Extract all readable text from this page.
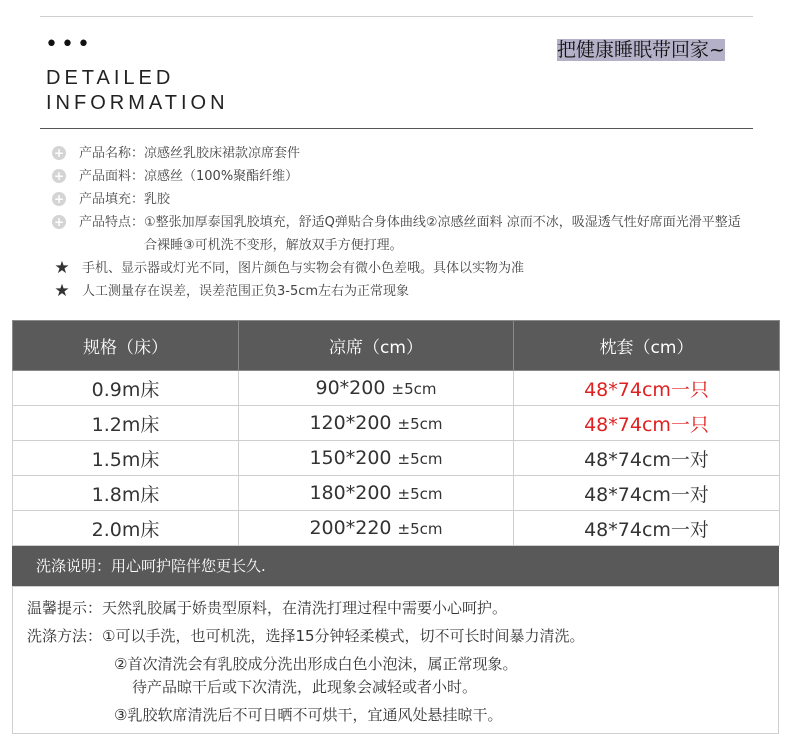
•••
DETAILED
INFORMATION
把健康睡眠带回家~
+ 产品名称： 凉感丝乳胶床裙款凉席套件
+ 产品面料： 凉感丝（100%聚酯纤维）
+ 产品填充： 乳胶
+ 产品特点： ①整张加厚泰国乳胶填充，舒适Q弹贴合身体曲线②凉感丝面料 凉而不冰，吸湿透气性好席面光滑平整适合裸睡③可机洗不变形，解放双手方便打理。
★ 手机、显示器或灯光不同，图片颜色与实物会有微小色差哦。具体以实物为准
★ 人工测量存在误差，误差范围正负3-5cm左右为正常现象
规格（床）	凉席（cm）	枕套（cm）
0.9m床	90*200 ±5cm	48*74cm一只
1.2m床	120*200 ±5cm	48*74cm一只
1.5m床	150*200 ±5cm	48*74cm一对
1.8m床	180*200 ±5cm	48*74cm一对
2.0m床	200*220 ±5cm	48*74cm一对
洗涤说明：用心呵护陪伴您更长久.
温馨提示：天然乳胶属于娇贵型原料，在清洗打理过程中需要小心呵护。
洗涤方法：①可以手洗，也可机洗，选择15分钟轻柔模式，切不可长时间暴力清洗。
②首次清洗会有乳胶成分洗出形成白色小泡沫，属正常现象。
待产品晾干后或下次清洗，此现象会减轻或者小时。
③乳胶软席清洗后不可日晒不可烘干，宜通风处悬挂晾干。
